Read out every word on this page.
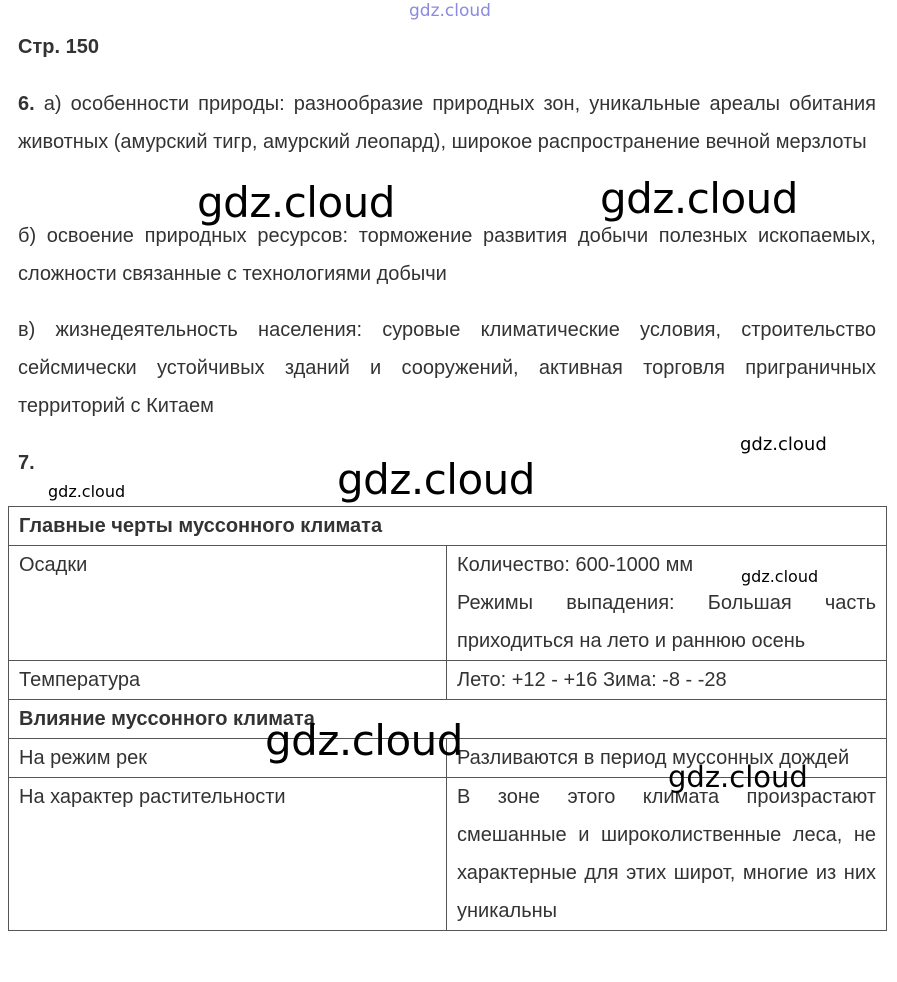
gdz.cloud
Стр. 150
6. а) особенности природы: разнообразие природных зон, уникальные ареалы обитания животных (амурский тигр, амурский леопард), широкое распространение вечной мерзлоты
б) освоение природных ресурсов: торможение развития добычи полезных ископаемых, сложности связанные с технологиями добычи
в) жизнедеятельность населения: суровые климатические условия, строительство сейсмически устойчивых зданий и сооружений, активная торговля приграничных территорий с Китаем
7.
Главные черты муссонного климата	
Осадки	Количество: 600-1000 мм
Режимы выпадения: Большая часть приходиться на лето и раннюю осень

Температура	Лето: +12 - +16 Зима: -8 - -28
Влияние муссонного климата	
На режим рек	Разливаются в период муссонных дождей
На характер растительности	В зоне этого климата произрастают смешанные и широколиственные леса, не характерные для этих широт, многие из них уникальны
gdz.cloud	gdz.cloud
gdz.cloud
gdz.cloud	gdz.cloud
gdz.cloud
gdz.cloud
gdz.cloud
